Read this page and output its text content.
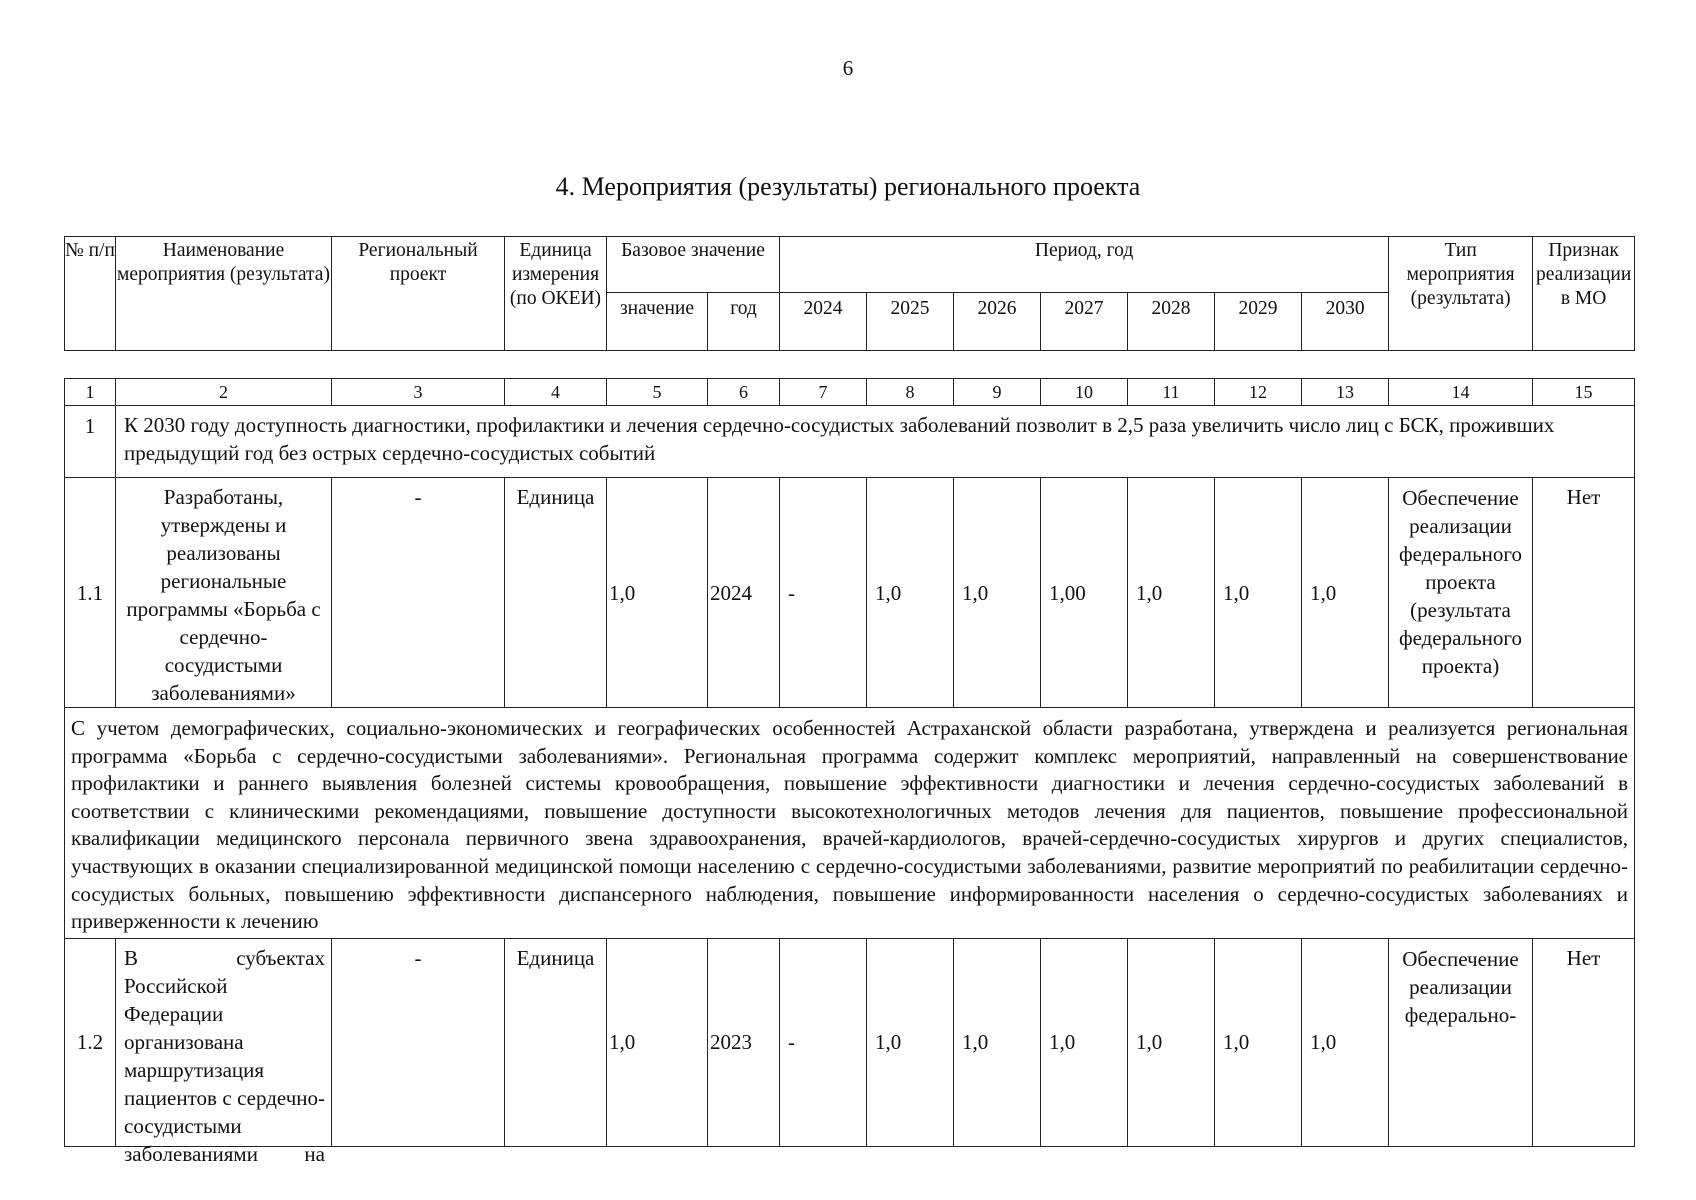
6
4. Мероприятия (результаты) регионального проекта
№ п/п	Наименование мероприятия (результата)	Региональный проект	Единица измерения (по ОКЕИ)	Базовое значение		Период, год							Тип мероприятия (результата)	Признак реализации в МО
				значение	год	2024	2025	2026	2027	2028	2029	2030		
1	2	3	4	5	6	7	8	9	10	11	12	13	14	15
1	К 2030 году доступность диагностики, профилактики и лечения сердечно-сосудистых заболеваний позволит в 2,5 раза увеличить число лиц с БСК, проживших предыдущий год без острых сердечно-сосудистых событий													
1.1	Разработаны, утверждены и реализованы региональные программы «Борьба с сердечно-сосудистыми заболеваниями»	-	Единица	1,0	2024	-	1,0	1,0	1,00	1,0	1,0	1,0	Обеспечение реализации федерального проекта (результата федерального проекта)	Нет
С учетом демографических, социально-экономических и географических особенностей Астраханской области разработана, утверждена и реализуется региональная программа «Борьба с сердечно-сосудистыми заболеваниями». Региональная программа содержит комплекс мероприятий, направленный на совершенствование профилактики и раннего выявления болезней системы кровообращения, повышение эффективности диагностики и лечения сердечно-сосудистых заболеваний в соответствии с клиническими рекомендациями, повышение доступности высокотехнологичных методов лечения для пациентов, повышение профессиональной квалификации медицинского персонала первичного звена здравоохранения, врачей-кардиологов, врачей-сердечно-сосудистых хирургов и других специалистов, участвующих в оказании специализированной медицинской помощи населению с сердечно-сосудистыми заболеваниями, развитие мероприятий по реабилитации сердечно-сосудистых больных, повышению эффективности диспансерного наблюдения, повышение информированности населения о сердечно-сосудистых заболеваниях и приверженности к лечению														
1.2	В субъектах Российской Федерации организована маршрутизация пациентов с сердечно-сосудистыми заболеваниями на	-	Единица	1,0	2023	-	1,0	1,0	1,0	1,0	1,0	1,0	Обеспечение реализации федерально-	Нет
